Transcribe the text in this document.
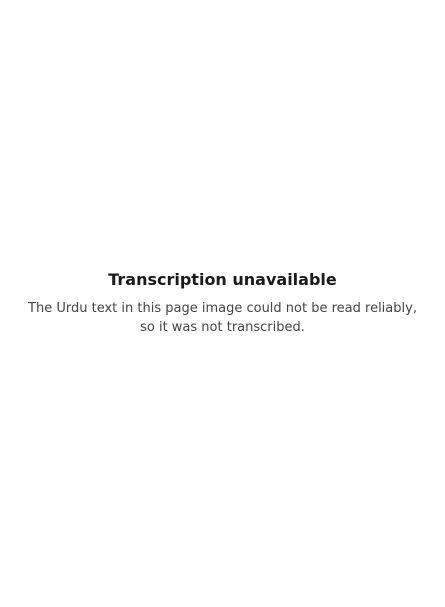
Transcription unavailable

The Urdu text in this page image could not be read reliably, so it was not transcribed.
